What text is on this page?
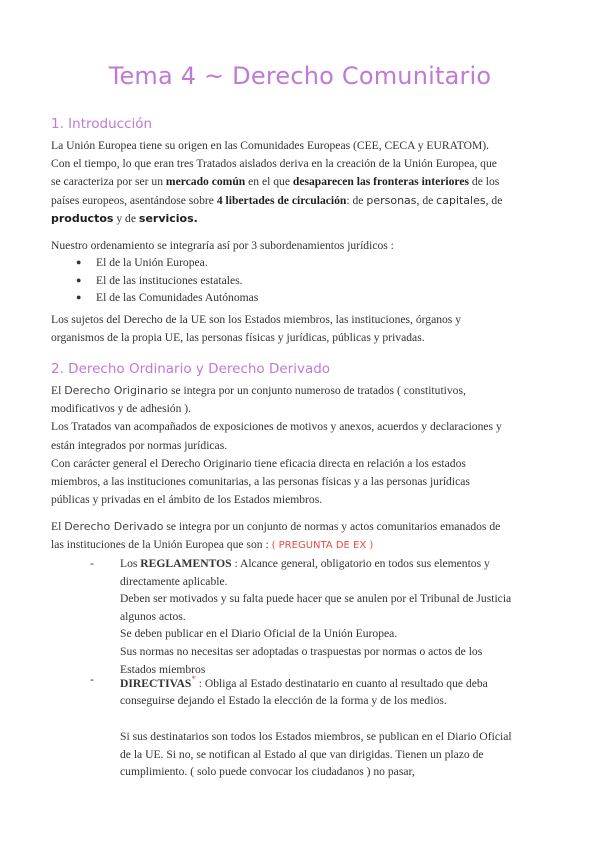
Tema 4 ~ Derecho Comunitario
1. Introducción
La Unión Europea tiene su origen en las Comunidades Europeas (CEE, CECA y EURATOM).
Con el tiempo, lo que eran tres Tratados aislados deriva en la creación de la Unión Europea, que
se caracteriza por ser un mercado común en el que desaparecen las fronteras interiores de los
países europeos, asentándose sobre 4 libertades de circulación: de personas, de capitales, de
productos y de servicios.
Nuestro ordenamiento se integraría así por 3 subordenamientos jurídicos :
●	El de la Unión Europea.
●	El de las instituciones estatales.
●	El de las Comunidades Autónomas
Los sujetos del Derecho de la UE son los Estados miembros, las instituciones, órganos y
organismos de la propia UE, las personas físicas y jurídicas, públicas y privadas.
2. Derecho Ordinario y Derecho Derivado
El Derecho Originario se integra por un conjunto numeroso de tratados ( constitutivos,
modificativos y de adhesión ).
Los Tratados van acompañados de exposiciones de motivos y anexos, acuerdos y declaraciones y
están integrados por normas jurídicas.
Con carácter general el Derecho Originario tiene eficacia directa en relación a los estados
miembros, a las instituciones comunitarias, a las personas físicas y a las personas jurídicas
públicas y privadas en el ámbito de los Estados miembros.
El Derecho Derivado se integra por un conjunto de normas y actos comunitarios emanados de
las instituciones de la Unión Europea que son : ( PREGUNTA DE EX )
- Los REGLAMENTOS : Alcance general, obligatorio en todos sus elementos y
directamente aplicable.
Deben ser motivados y su falta puede hacer que se anulen por el Tribunal de Justicia
algunos actos.
Se deben publicar en el Diario Oficial de la Unión Europea.
Sus normas no necesitas ser adoptadas o traspuestas por normas o actos de los
Estados miembros
- DIRECTIVAS* : Obliga al Estado destinatario en cuanto al resultado que deba
conseguirse dejando el Estado la elección de la forma y de los medios.
Si sus destinatarios son todos los Estados miembros, se publican en el Diario Oficial
de la UE. Si no, se notifican al Estado al que van dirigidas. Tienen un plazo de
cumplimiento. ( solo puede convocar los ciudadanos ) no pasar,
